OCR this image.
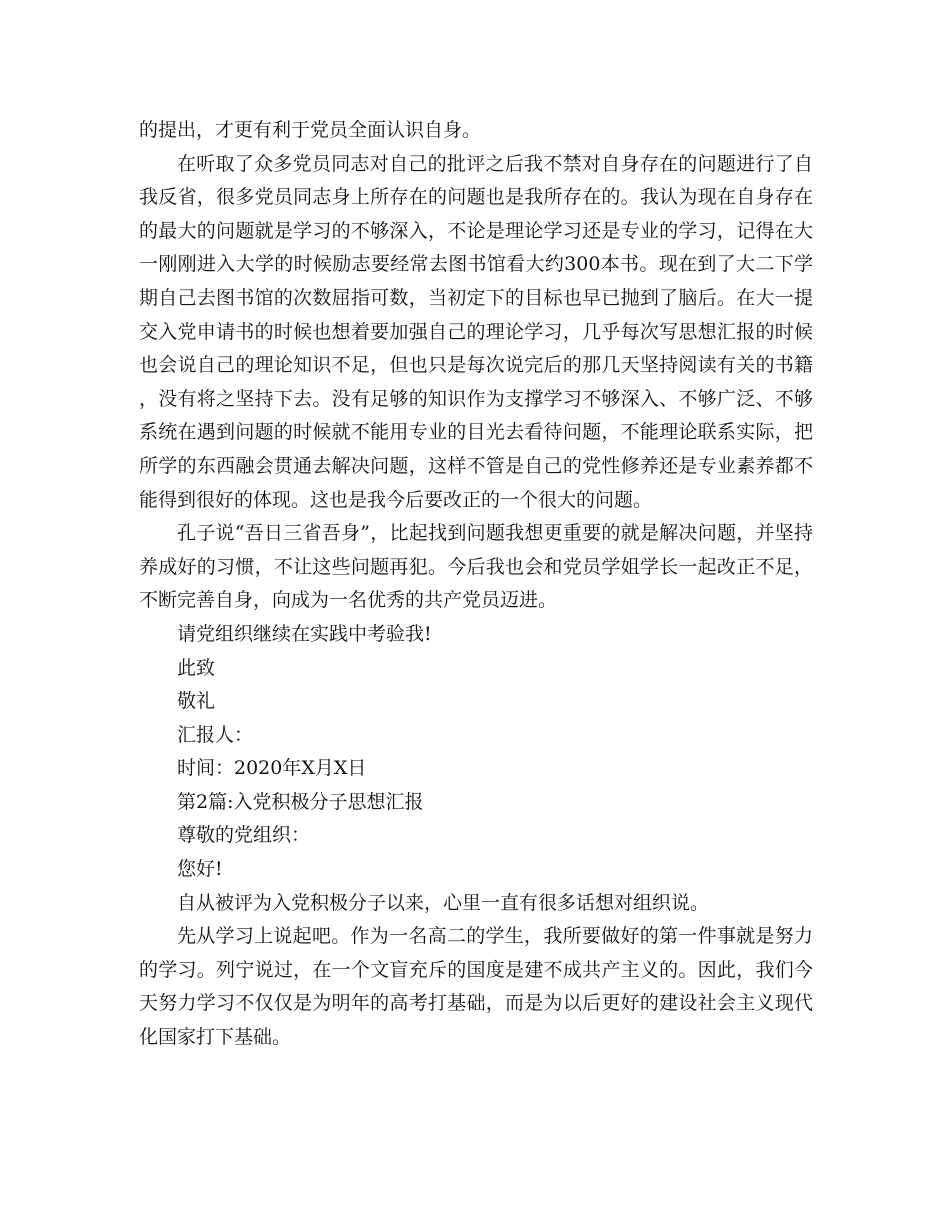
的提出，才更有利于党员全面认识自身。

在听取了众多党员同志对自己的批评之后我不禁对自身存在的问题进行了自我反省，很多党员同志身上所存在的问题也是我所存在的。我认为现在自身存在的最大的问题就是学习的不够深入，不论是理论学习还是专业的学习，记得在大一刚刚进入大学的时候励志要经常去图书馆看大约300本书。现在到了大二下学期自己去图书馆的次数屈指可数，当初定下的目标也早已抛到了脑后。在大一提交入党申请书的时候也想着要加强自己的理论学习，几乎每次写思想汇报的时候也会说自己的理论知识不足，但也只是每次说完后的那几天坚持阅读有关的书籍，没有将之坚持下去。没有足够的知识作为支撑学习不够深入、不够广泛、不够系统在遇到问题的时候就不能用专业的目光去看待问题，不能理论联系实际，把所学的东西融会贯通去解决问题，这样不管是自己的党性修养还是专业素养都不能得到很好的体现。这也是我今后要改正的一个很大的问题。

孔子说“吾日三省吾身”，比起找到问题我想更重要的就是解决问题，并坚持养成好的习惯，不让这些问题再犯。今后我也会和党员学姐学长一起改正不足，不断完善自身，向成为一名优秀的共产党员迈进。

请党组织继续在实践中考验我!

此致

敬礼

汇报人：

时间：2020年X月X日

第2篇:入党积极分子思想汇报

尊敬的党组织：

您好!

自从被评为入党积极分子以来，心里一直有很多话想对组织说。

先从学习上说起吧。作为一名高二的学生，我所要做好的第一件事就是努力的学习。列宁说过，在一个文盲充斥的国度是建不成共产主义的。因此，我们今天努力学习不仅仅是为明年的高考打基础，而是为以后更好的建设社会主义现代化国家打下基础。
